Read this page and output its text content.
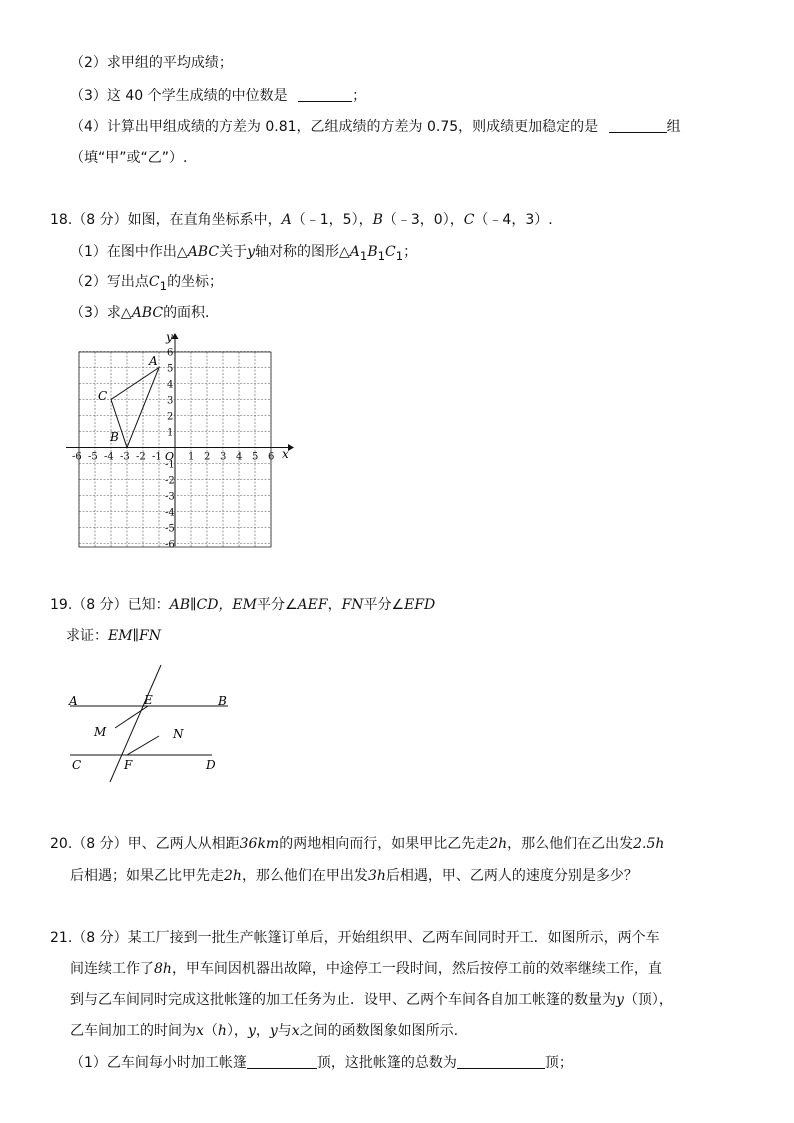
（2）求甲组的平均成绩；
（3）这 40 个学生成绩的中位数是	；
（4）计算出甲组成绩的方差为 0.81，乙组成绩的方差为 0.75，则成绩更加稳定的是	组
（填“甲”或“乙”）.
18.（8 分）如图，在直角坐标系中，A（﹣1，5），B（﹣3，0），C（﹣4，3）.
（1）在图中作出△ABC关于y轴对称的图形$\triangle A_1B_1C_1$；
（2）写出点$C_1$的坐标；
（3）求△ABC的面积.
x
y
O
-6 -5 -4 -3 -2 -1	1 2 3 4 5 6
6
5
4
3
2
1
-1
-2
-3
-4
-5
-6
A
B
C
19.（8 分）已知：AB∥CD，EM平分∠AEF，FN平分∠EFD
求证：EM∥FN
A	B
E
M	N
C	F	D
20.（8 分）甲、乙两人从相距36km的两地相向而行，如果甲比乙先走2h，那么他们在乙出发2.5h
后相遇；如果乙比甲先走2h，那么他们在甲出发3h后相遇，甲、乙两人的速度分别是多少？
21.（8 分）某工厂接到一批生产帐篷订单后，开始组织甲、乙两车间同时开工．如图所示，两个车
间连续工作了8h，甲车间因机器出故障，中途停工一段时间，然后按停工前的效率继续工作，直
到与乙车间同时完成这批帐篷的加工任务为止．设甲、乙两个车间各自加工帐篷的数量为y（顶），
乙车间加工的时间为x（h），y，y与x之间的函数图象如图所示.
（1）乙车间每小时加工帐篷	顶，这批帐篷的总数为	顶；
